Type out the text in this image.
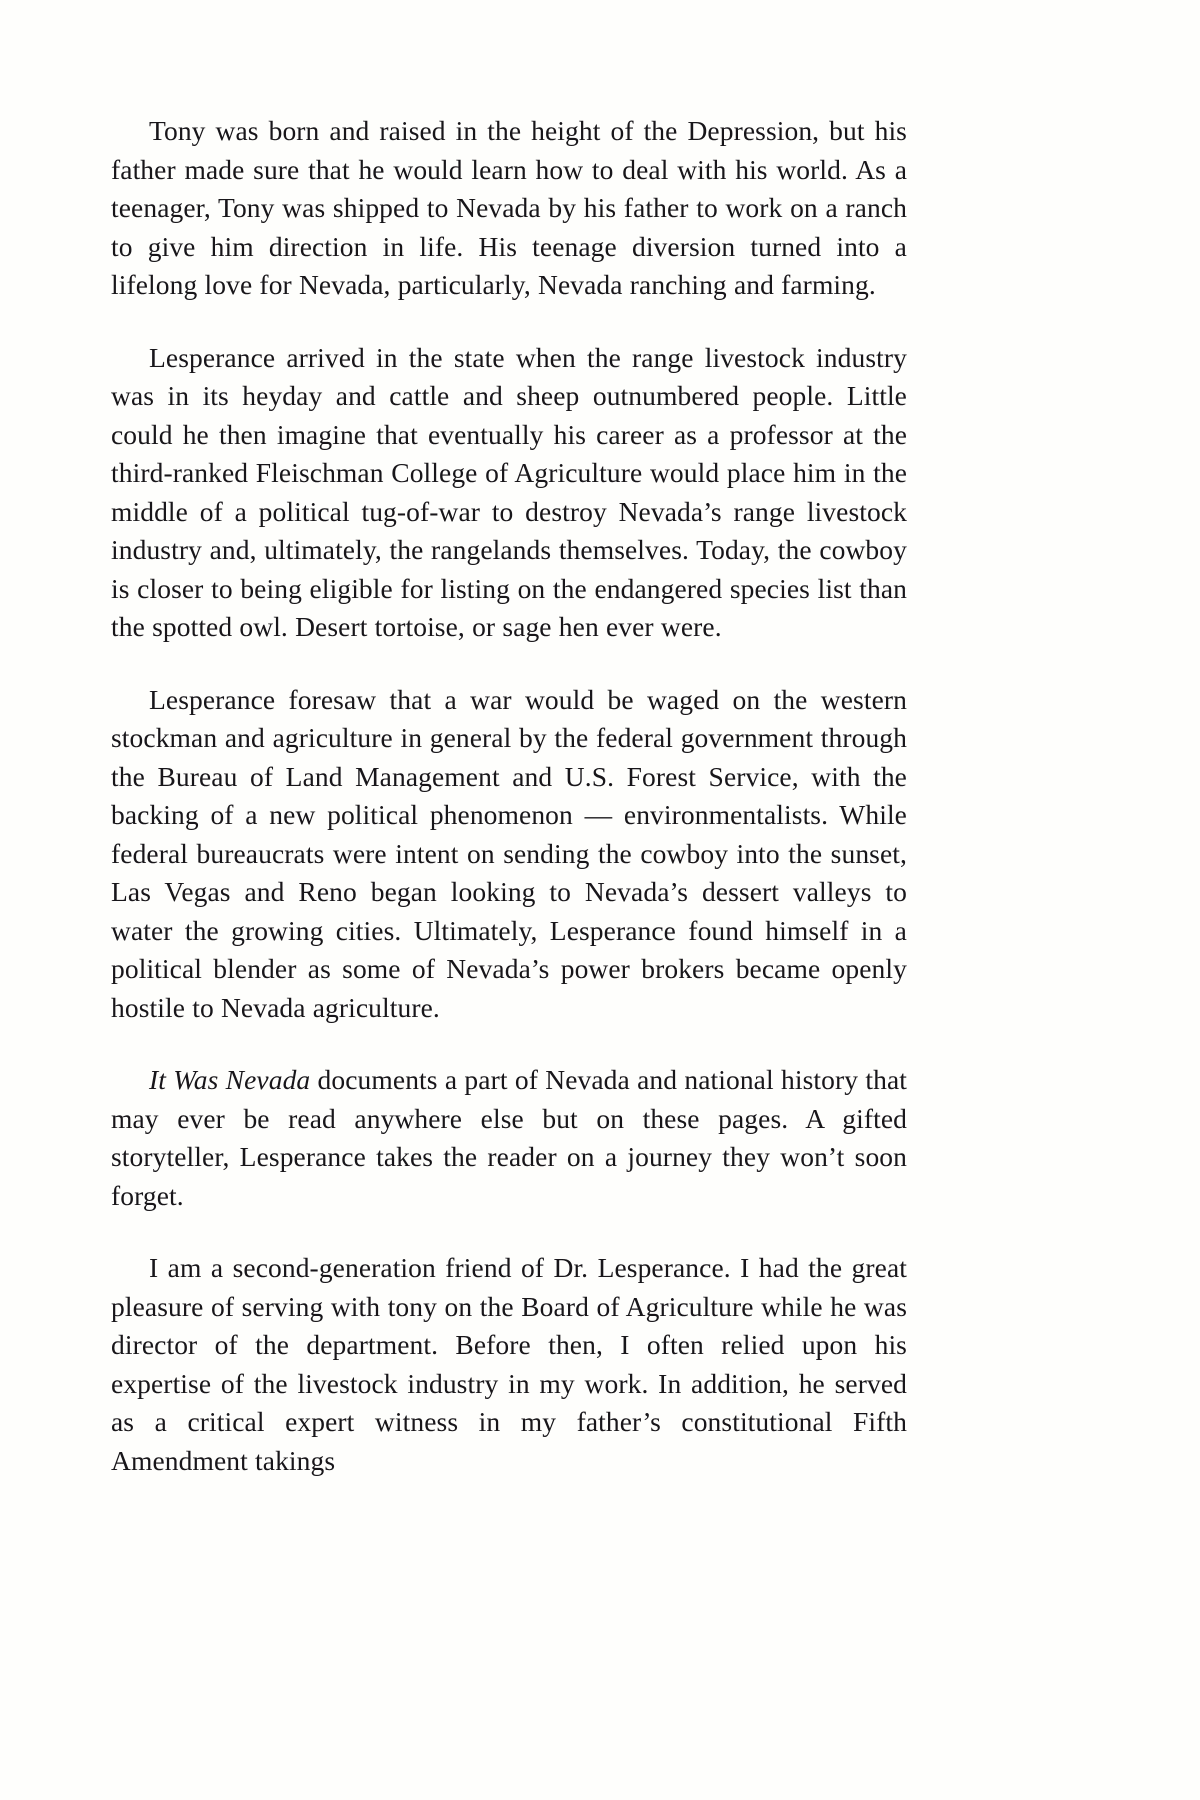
Tony was born and raised in the height of the Depression, but his father made sure that he would learn how to deal with his world. As a teenager, Tony was shipped to Nevada by his father to work on a ranch to give him direction in life. His teenage diversion turned into a lifelong love for Nevada, particularly, Nevada ranching and farming.

Lesperance arrived in the state when the range livestock industry was in its heyday and cattle and sheep outnumbered people. Little could he then imagine that eventually his career as a professor at the third-ranked Fleischman College of Agriculture would place him in the middle of a political tug-of-war to destroy Nevada’s range livestock industry and, ultimately, the rangelands themselves. Today, the cowboy is closer to being eligible for listing on the endangered species list than the spotted owl. Desert tortoise, or sage hen ever were.

Lesperance foresaw that a war would be waged on the western stockman and agriculture in general by the federal government through the Bureau of Land Management and U.S. Forest Service, with the backing of a new political phenomenon — environmentalists. While federal bureaucrats were intent on sending the cowboy into the sunset, Las Vegas and Reno began looking to Nevada’s dessert valleys to water the growing cities. Ultimately, Lesperance found himself in a political blender as some of Nevada’s power brokers became openly hostile to Nevada agriculture.

It Was Nevada documents a part of Nevada and national history that may ever be read anywhere else but on these pages. A gifted storyteller, Lesperance takes the reader on a journey they won’t soon forget.

I am a second-generation friend of Dr. Lesperance. I had the great pleasure of serving with tony on the Board of Agriculture while he was director of the department. Before then, I often relied upon his expertise of the livestock industry in my work. In addition, he served as a critical expert witness in my father’s constitutional Fifth Amendment takings
